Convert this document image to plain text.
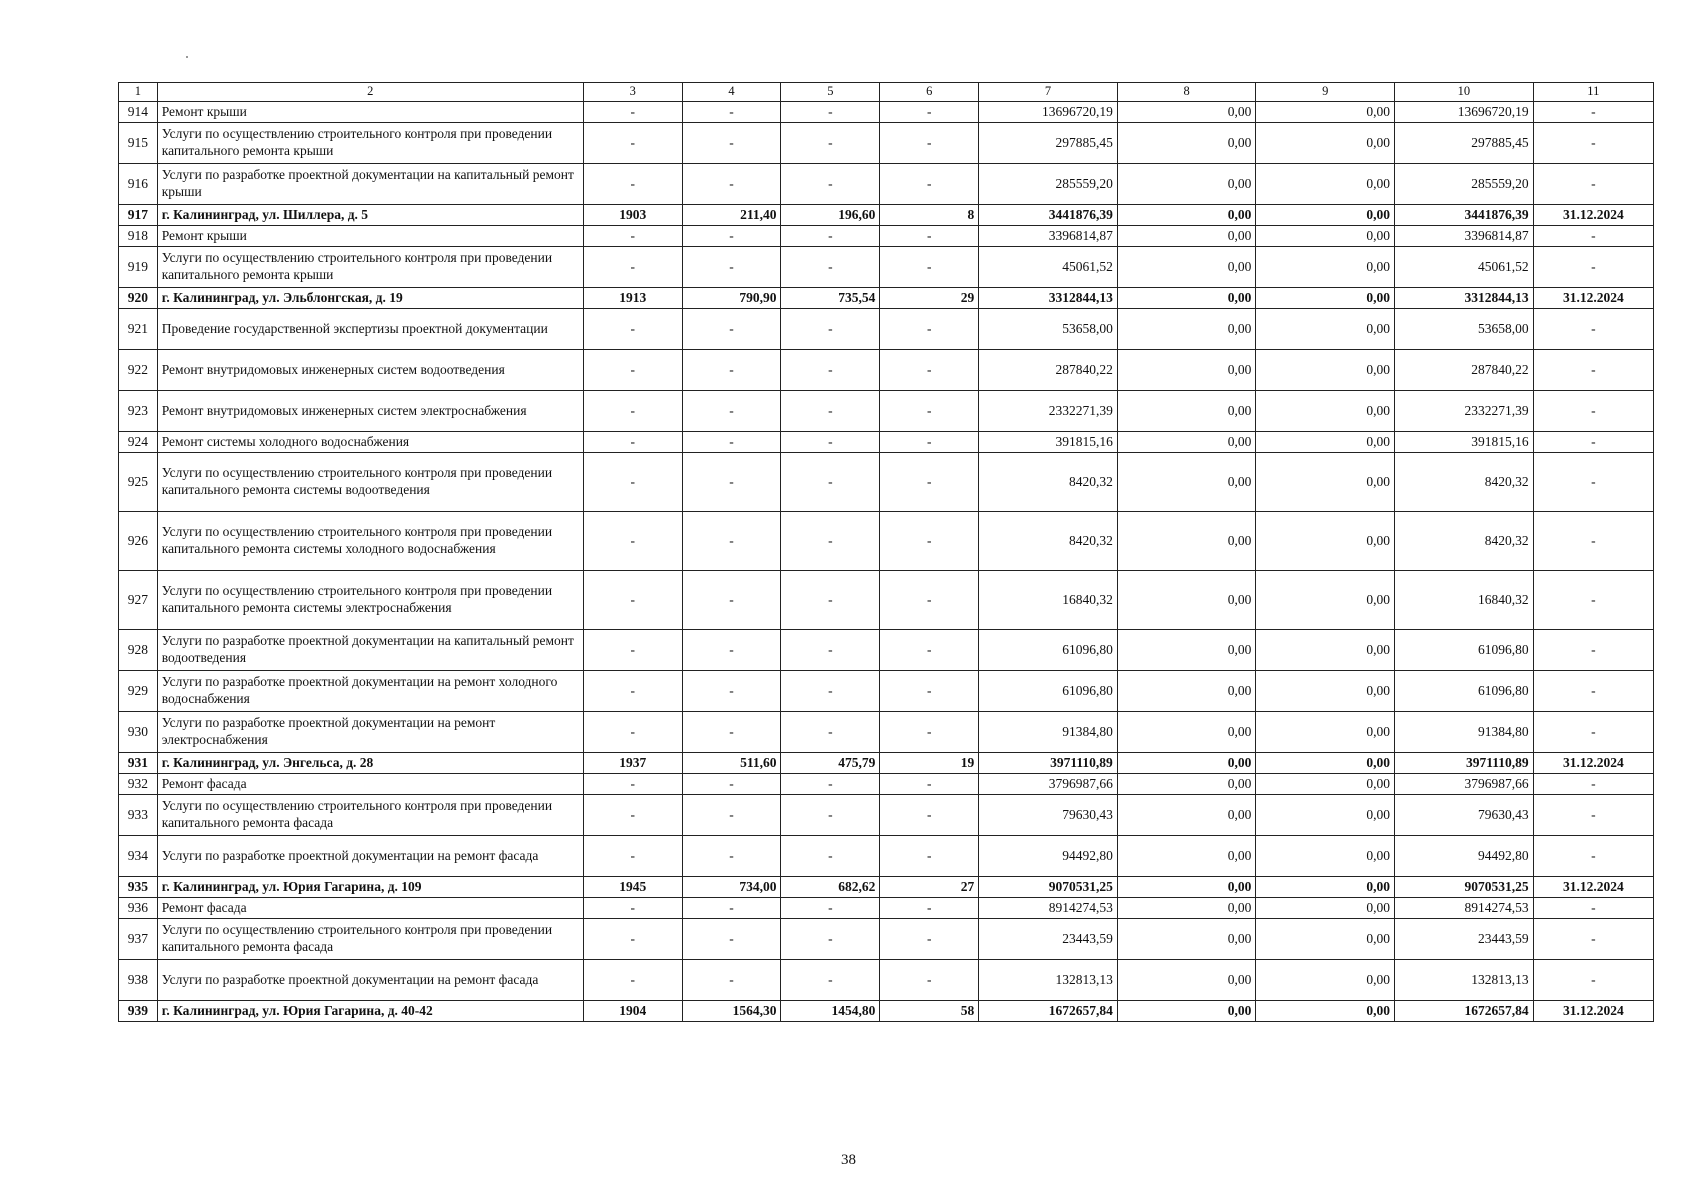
1	2	3	4	5	6	7	8	9	10	11
914	Ремонт крыши	-	-	-	-	13696720,19	0,00	0,00	13696720,19	-
915	Услуги по осуществлению строительного контроля при проведении капитального ремонта крыши	-	-	-	-	297885,45	0,00	0,00	297885,45	-
916	Услуги по разработке проектной документации на капитальный ремонт крыши	-	-	-	-	285559,20	0,00	0,00	285559,20	-
917	г. Калининград, ул. Шиллера, д. 5	1903	211,40	196,60	8	3441876,39	0,00	0,00	3441876,39	31.12.2024
918	Ремонт крыши	-	-	-	-	3396814,87	0,00	0,00	3396814,87	-
919	Услуги по осуществлению строительного контроля при проведении капитального ремонта крыши	-	-	-	-	45061,52	0,00	0,00	45061,52	-
920	г. Калининград, ул. Эльблонгская, д. 19	1913	790,90	735,54	29	3312844,13	0,00	0,00	3312844,13	31.12.2024
921	Проведение государственной экспертизы проектной документации	-	-	-	-	53658,00	0,00	0,00	53658,00	-
922	Ремонт внутридомовых инженерных систем водоотведения	-	-	-	-	287840,22	0,00	0,00	287840,22	-
923	Ремонт внутридомовых инженерных систем электроснабжения	-	-	-	-	2332271,39	0,00	0,00	2332271,39	-
924	Ремонт системы холодного водоснабжения	-	-	-	-	391815,16	0,00	0,00	391815,16	-
925	Услуги по осуществлению строительного контроля при проведении капитального ремонта системы водоотведения	-	-	-	-	8420,32	0,00	0,00	8420,32	-
926	Услуги по осуществлению строительного контроля при проведении капитального ремонта системы холодного водоснабжения	-	-	-	-	8420,32	0,00	0,00	8420,32	-
927	Услуги по осуществлению строительного контроля при проведении капитального ремонта системы электроснабжения	-	-	-	-	16840,32	0,00	0,00	16840,32	-
928	Услуги по разработке проектной документации на капитальный ремонт водоотведения	-	-	-	-	61096,80	0,00	0,00	61096,80	-
929	Услуги по разработке проектной документации на ремонт холодного водоснабжения	-	-	-	-	61096,80	0,00	0,00	61096,80	-
930	Услуги по разработке проектной документации на ремонт электроснабжения	-	-	-	-	91384,80	0,00	0,00	91384,80	-
931	г. Калининград, ул. Энгельса, д. 28	1937	511,60	475,79	19	3971110,89	0,00	0,00	3971110,89	31.12.2024
932	Ремонт фасада	-	-	-	-	3796987,66	0,00	0,00	3796987,66	-
933	Услуги по осуществлению строительного контроля при проведении капитального ремонта фасада	-	-	-	-	79630,43	0,00	0,00	79630,43	-
934	Услуги по разработке проектной документации на ремонт фасада	-	-	-	-	94492,80	0,00	0,00	94492,80	-
935	г. Калининград, ул. Юрия Гагарина, д. 109	1945	734,00	682,62	27	9070531,25	0,00	0,00	9070531,25	31.12.2024
936	Ремонт фасада	-	-	-	-	8914274,53	0,00	0,00	8914274,53	-
937	Услуги по осуществлению строительного контроля при проведении капитального ремонта фасада	-	-	-	-	23443,59	0,00	0,00	23443,59	-
938	Услуги по разработке проектной документации на ремонт фасада	-	-	-	-	132813,13	0,00	0,00	132813,13	-
939	г. Калининград, ул. Юрия Гагарина, д. 40-42	1904	1564,30	1454,80	58	1672657,84	0,00	0,00	1672657,84	31.12.2024
38
